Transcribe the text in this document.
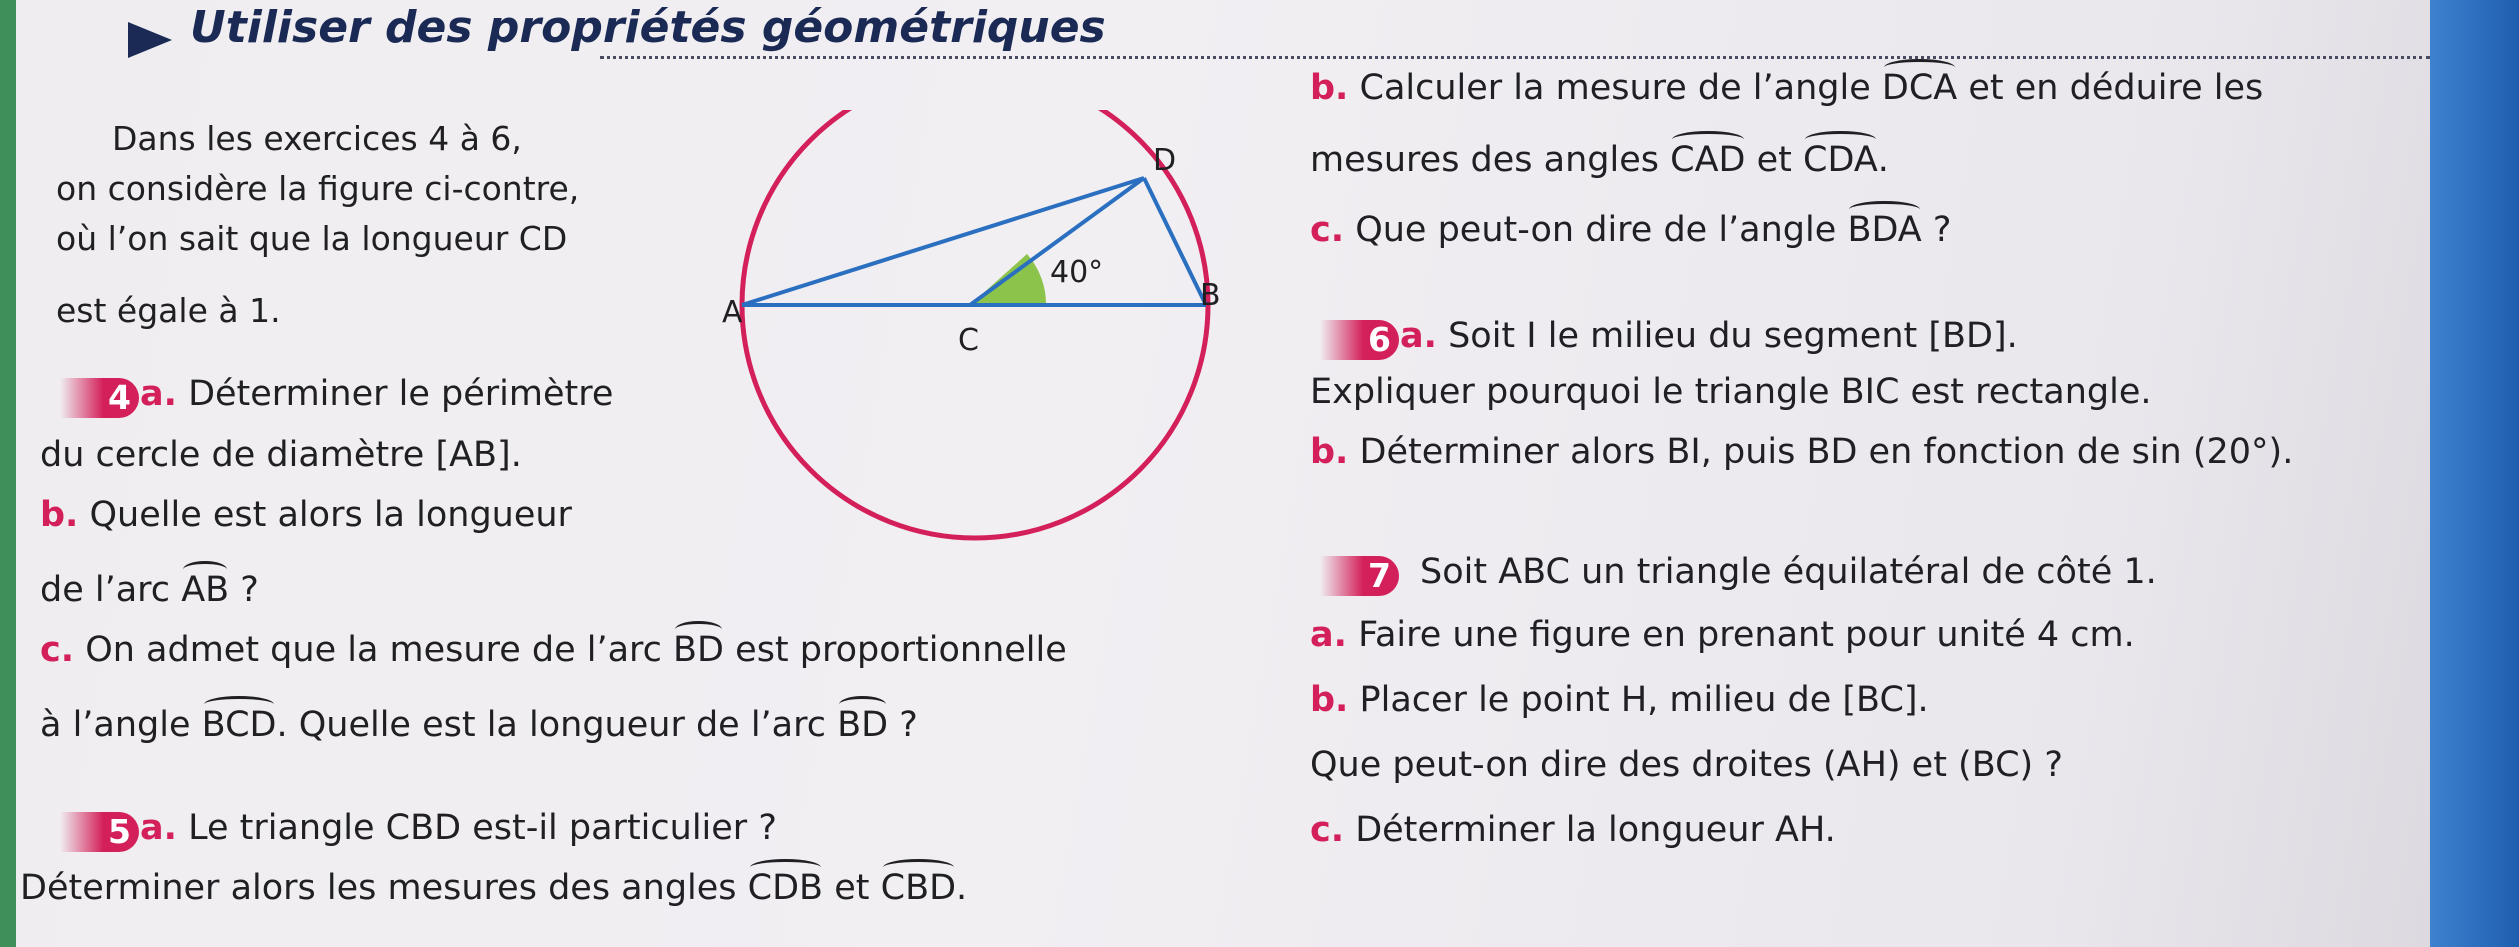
Utiliser des propriétés géométriques
Dans les exercices 4 à 6,
on considère la figure ci-contre,
où l’on sait que la longueur CD
est égale à 1.	A	B
C
D
40°
4 a. Déterminer le périmètre
du cercle de diamètre [AB].
b. Quelle est alors la longueur
de l’arc AB ?
c. On admet que la mesure de l’arc BD est proportionnelle
à l’angle BCD. Quelle est la longueur de l’arc BD ?
5 a. Le triangle CBD est-il particulier ?
Déterminer alors les mesures des angles CDB et CBD.
b. Calculer la mesure de l’angle DCA et en déduire les
mesures des angles CAD et CDA.
c. Que peut-on dire de l’angle BDA ?
6 a. Soit I le milieu du segment [BD].
Expliquer pourquoi le triangle BIC est rectangle.
b. Déterminer alors BI, puis BD en fonction de sin (20°).
7 Soit ABC un triangle équilatéral de côté 1.
a. Faire une figure en prenant pour unité 4 cm.
b. Placer le point H, milieu de [BC].
Que peut-on dire des droites (AH) et (BC) ?
c. Déterminer la longueur AH.
